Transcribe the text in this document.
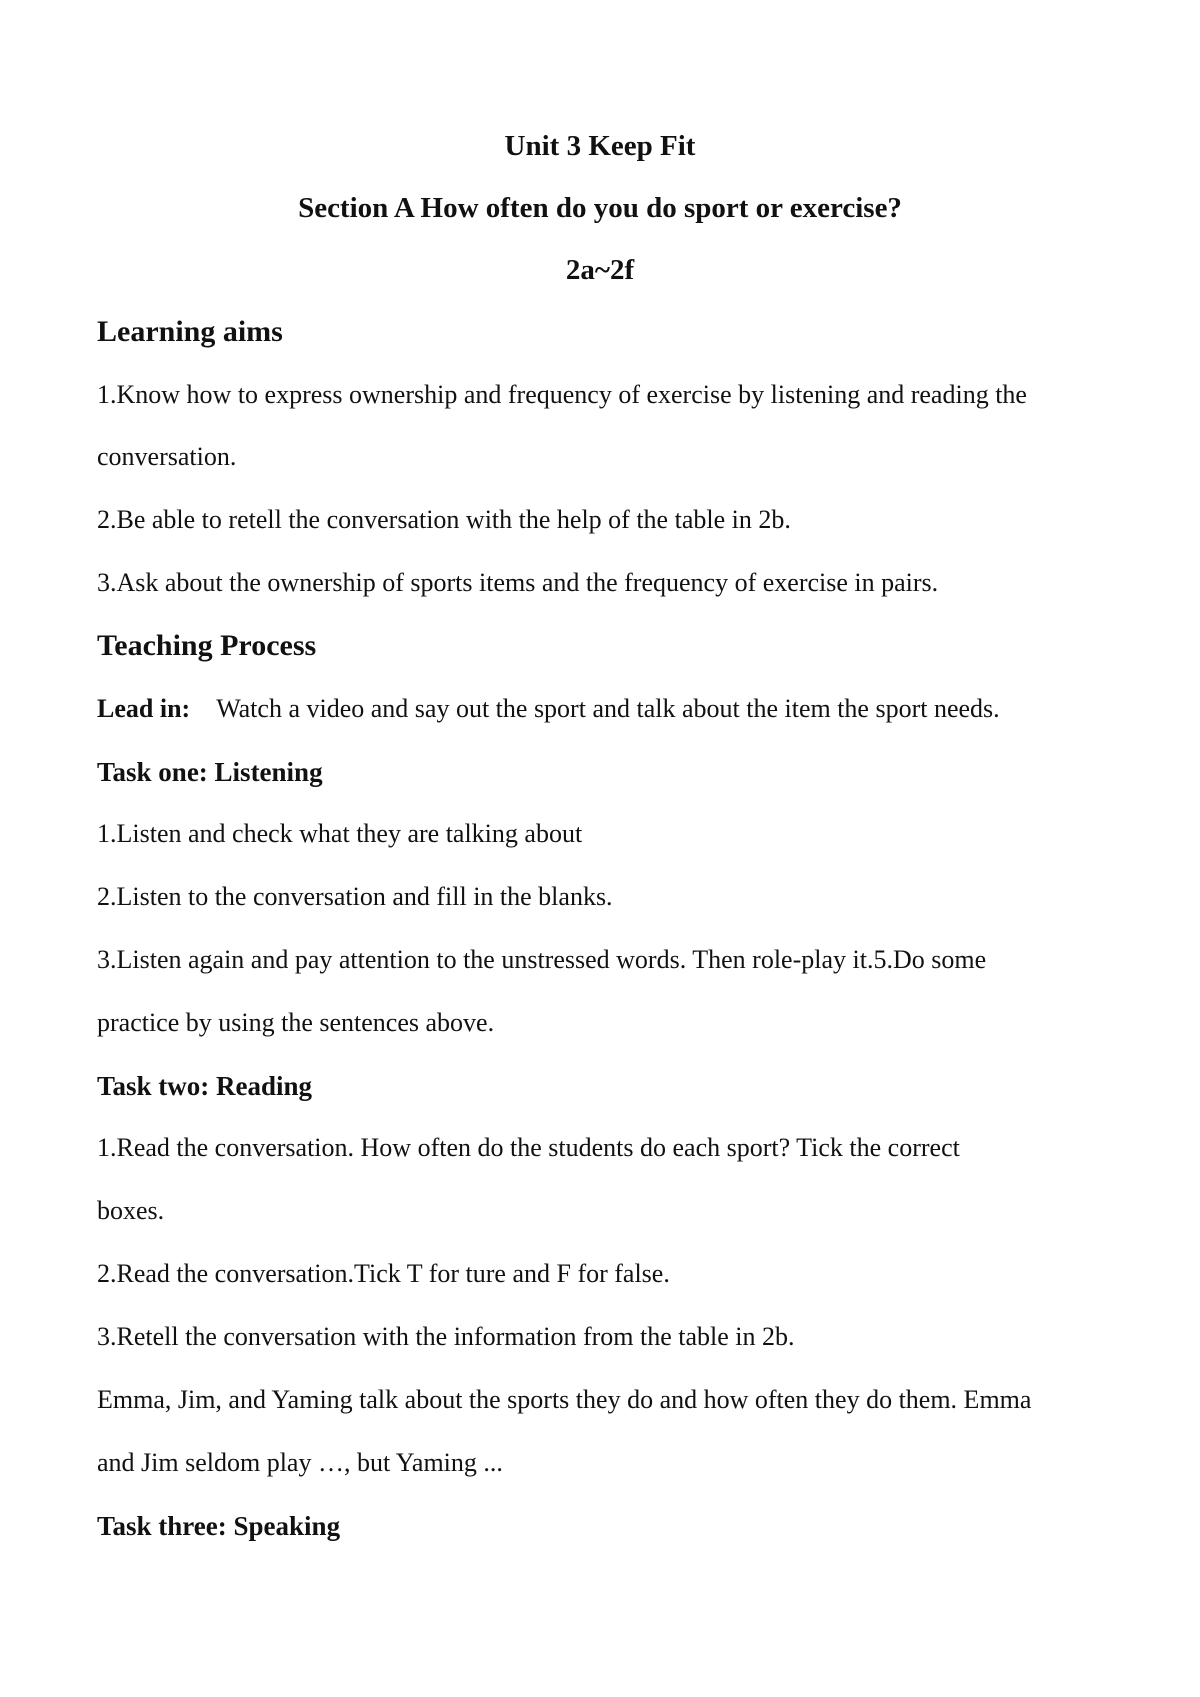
Unit 3 Keep Fit
Section A How often do you do sport or exercise?
2a~2f
Learning aims
1.Know how to express ownership and frequency of exercise by listening and reading the
conversation.
2.Be able to retell the conversation with the help of the table in 2b.
3.Ask about the ownership of sports items and the frequency of exercise in pairs.
Teaching Process
Lead in: Watch a video and say out the sport and talk about the item the sport needs.
Task one: Listening
1.Listen and check what they are talking about
2.Listen to the conversation and fill in the blanks.
3.Listen again and pay attention to the unstressed words. Then role-play it.5.Do some
practice by using the sentences above.
Task two: Reading
1.Read the conversation. How often do the students do each sport? Tick the correct
boxes.
2.Read the conversation.Tick T for ture and F for false.
3.Retell the conversation with the information from the table in 2b.
Emma, Jim, and Yaming talk about the sports they do and how often they do them. Emma
and Jim seldom play …, but Yaming ...
Task three: Speaking
